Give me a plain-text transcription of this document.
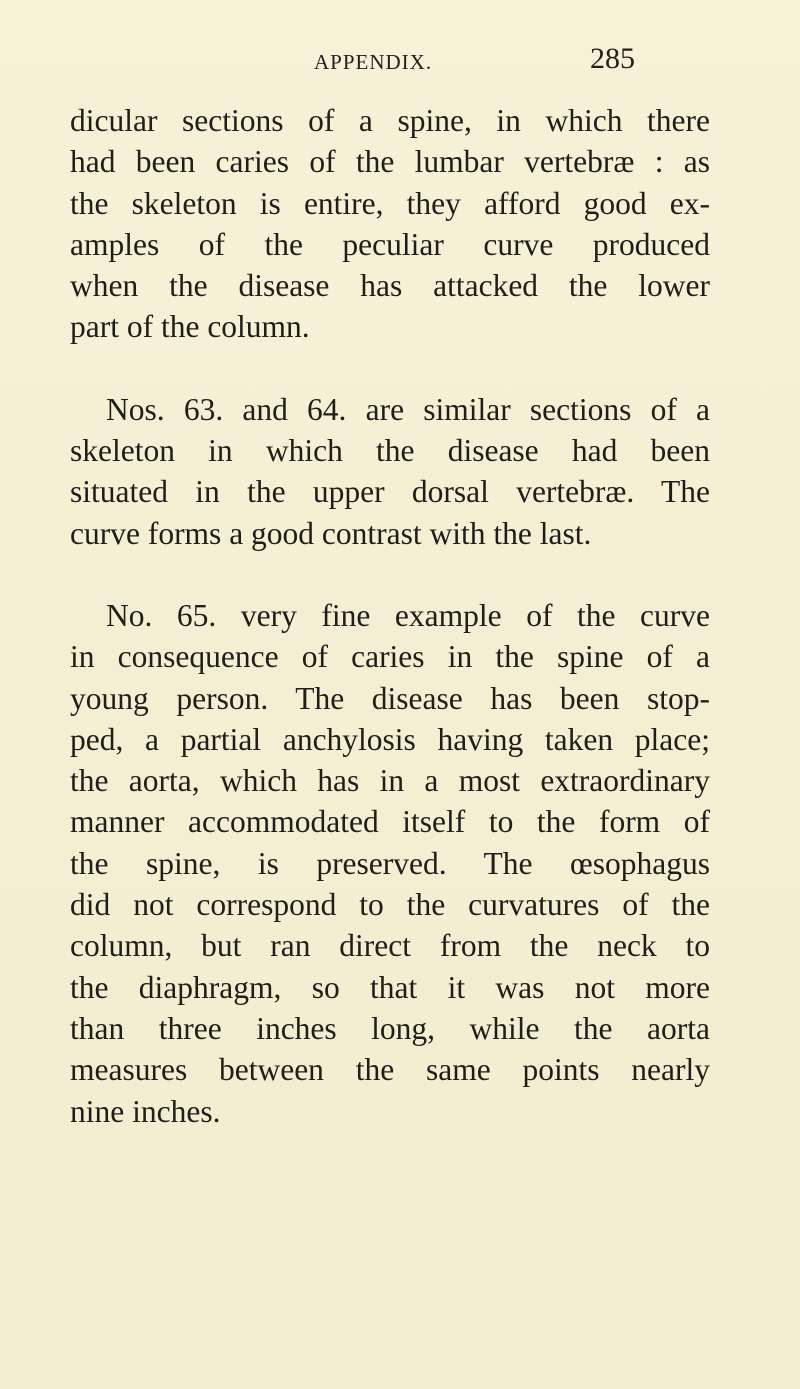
APPENDIX.	285
dicular sections of a spine, in which there
had been caries of the lumbar vertebræ : as
the skeleton is entire, they afford good ex-
amples of the peculiar curve produced
when the disease has attacked the lower
part of the column.
Nos. 63. and 64. are similar sections of a
skeleton in which the disease had been
situated in the upper dorsal vertebræ. The
curve forms a good contrast with the last.
No. 65. very fine example of the curve
in consequence of caries in the spine of a
young person. The disease has been stop-
ped, a partial anchylosis having taken place;
the aorta, which has in a most extraordinary
manner accommodated itself to the form of
the spine, is preserved. The œsophagus
did not correspond to the curvatures of the
column, but ran direct from the neck to
the diaphragm, so that it was not more
than three inches long, while the aorta
measures between the same points nearly
nine inches.
